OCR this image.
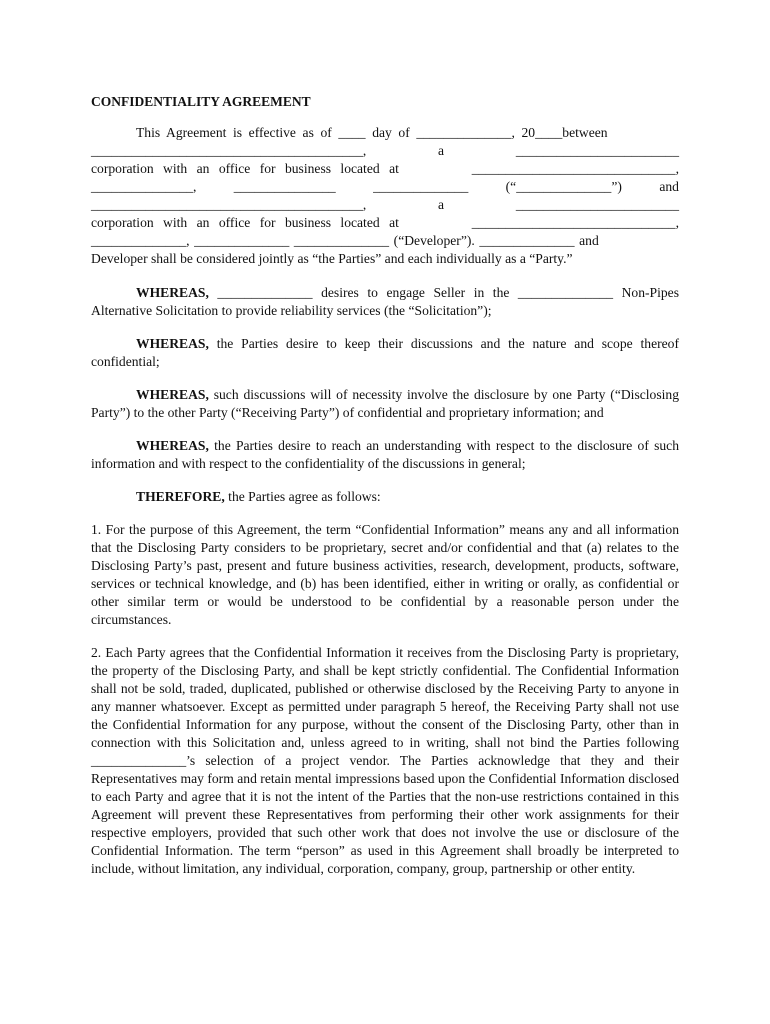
CONFIDENTIALITY AGREEMENT
This Agreement is effective as of ____ day of ______________, 20____between
________________________________________,	a	________________________
corporation with an office for business located at	______________________________,
_______________,	_______________	______________	(“______________”)	and
________________________________________,	a	________________________
corporation with an office for business located at	______________________________,
______________, ______________ ______________ (“Developer”). ______________ and
Developer shall be considered jointly as “the Parties” and each individually as a “Party.”

WHEREAS, ______________ desires to engage Seller in the ______________ Non-Pipes Alternative Solicitation to provide reliability services (the “Solicitation”);

WHEREAS, the Parties desire to keep their discussions and the nature and scope thereof confidential;

WHEREAS, such discussions will of necessity involve the disclosure by one Party (“Disclosing Party”) to the other Party (“Receiving Party”) of confidential and proprietary information; and

WHEREAS, the Parties desire to reach an understanding with respect to the disclosure of such information and with respect to the confidentiality of the discussions in general;

THEREFORE, the Parties agree as follows:

1. For the purpose of this Agreement, the term “Confidential Information” means any and all information that the Disclosing Party considers to be proprietary, secret and/or confidential and that (a) relates to the Disclosing Party’s past, present and future business activities, research, development, products, software, services or technical knowledge, and (b) has been identified, either in writing or orally, as confidential or other similar term or would be understood to be confidential by a reasonable person under the circumstances.

2. Each Party agrees that the Confidential Information it receives from the Disclosing Party is proprietary, the property of the Disclosing Party, and shall be kept strictly confidential. The Confidential Information shall not be sold, traded, duplicated, published or otherwise disclosed by the Receiving Party to anyone in any manner whatsoever. Except as permitted under paragraph 5 hereof, the Receiving Party shall not use the Confidential Information for any purpose, without the consent of the Disclosing Party, other than in connection with this Solicitation and, unless agreed to in writing, shall not bind the Parties following ______________’s selection of a project vendor. The Parties acknowledge that they and their Representatives may form and retain mental impressions based upon the Confidential Information disclosed to each Party and agree that it is not the intent of the Parties that the non-use restrictions contained in this Agreement will prevent these Representatives from performing their other work assignments for their respective employers, provided that such other work that does not involve the use or disclosure of the Confidential Information. The term “person” as used in this Agreement shall broadly be interpreted to include, without limitation, any individual, corporation, company, group, partnership or other entity.
